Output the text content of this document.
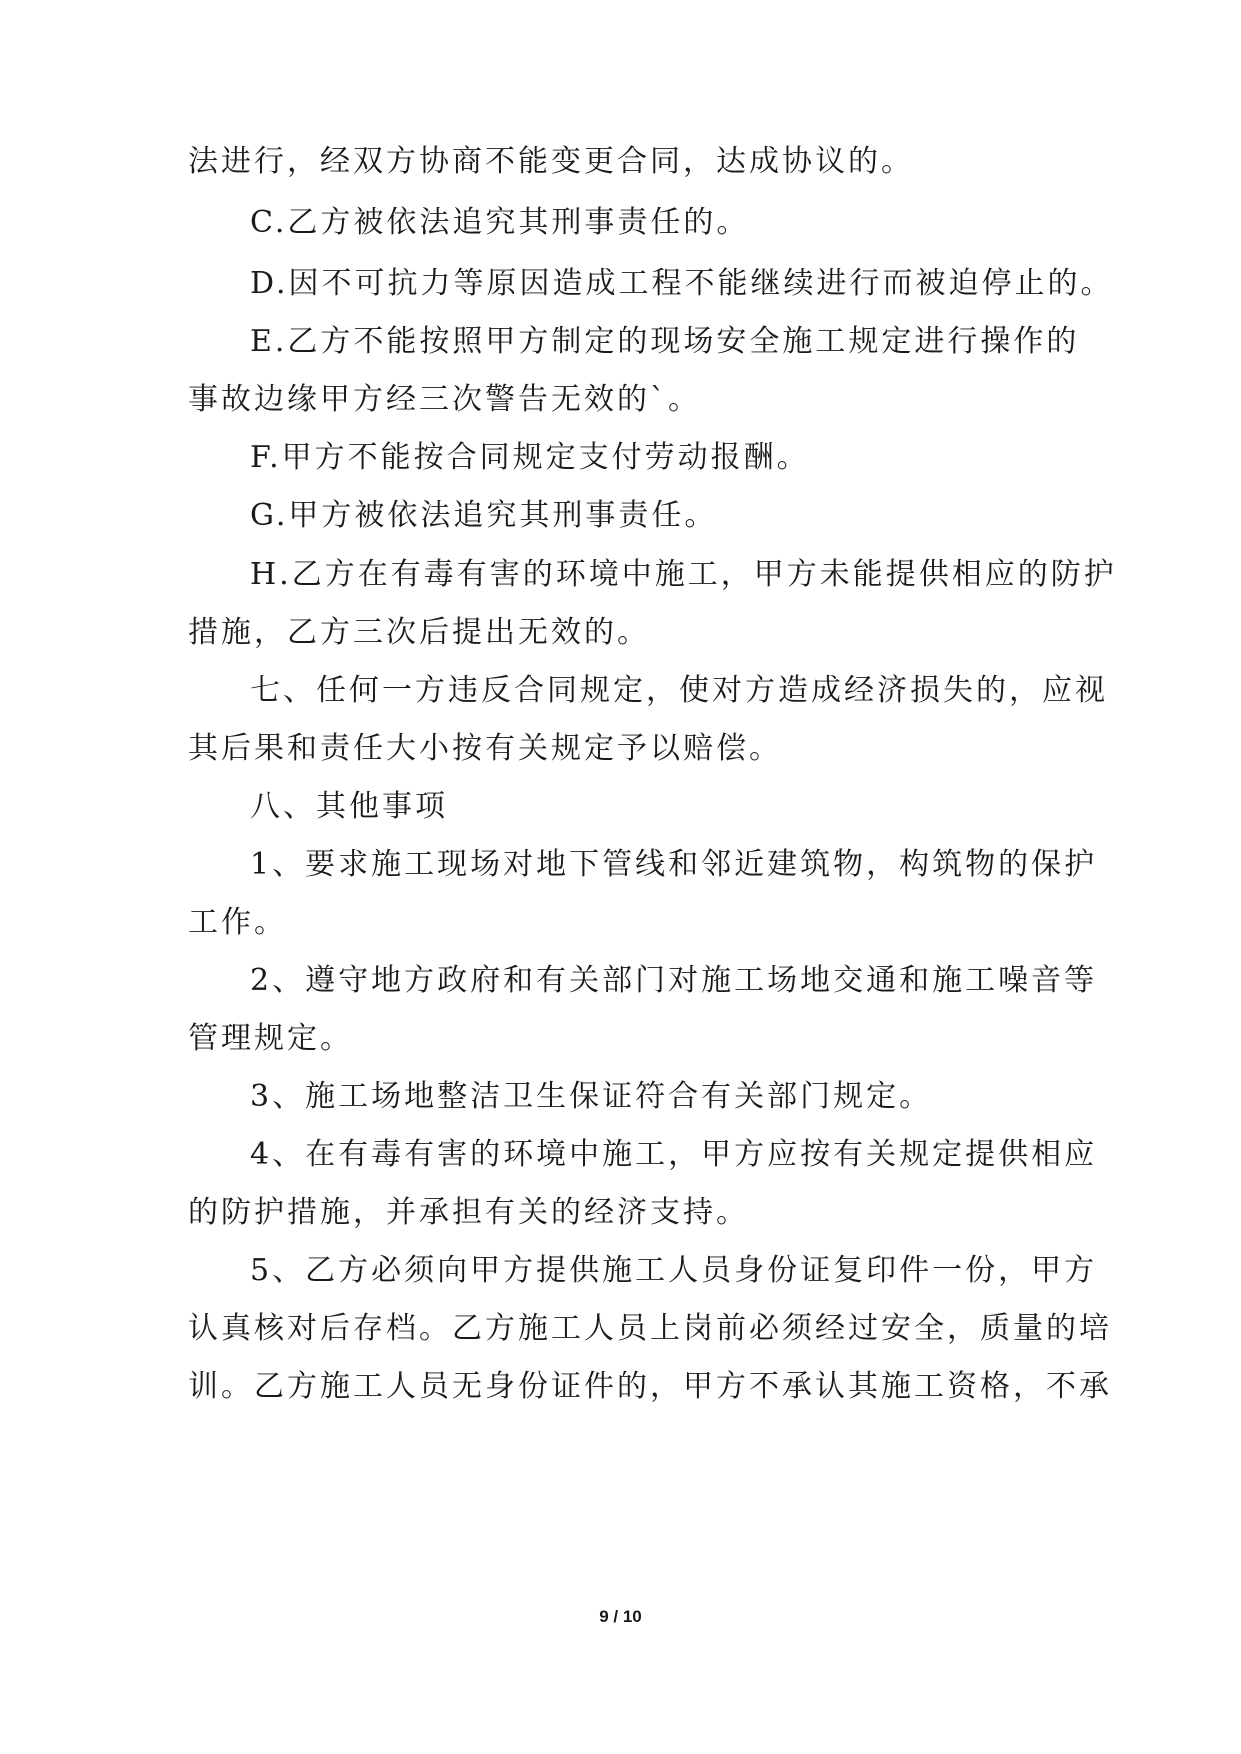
法进行，经双方协商不能变更合同，达成协议的。
C.乙方被依法追究其刑事责任的。
D.因不可抗力等原因造成工程不能继续进行而被迫停止的。
E.乙方不能按照甲方制定的现场安全施工规定进行操作的
事故边缘甲方经三次警告无效的`。
F.甲方不能按合同规定支付劳动报酬。
G.甲方被依法追究其刑事责任。
H.乙方在有毒有害的环境中施工，甲方未能提供相应的防护
措施，乙方三次后提出无效的。
七、任何一方违反合同规定，使对方造成经济损失的，应视
其后果和责任大小按有关规定予以赔偿。
八、其他事项
1、要求施工现场对地下管线和邻近建筑物，构筑物的保护
工作。
2、遵守地方政府和有关部门对施工场地交通和施工噪音等
管理规定。
3、施工场地整洁卫生保证符合有关部门规定。
4、在有毒有害的环境中施工，甲方应按有关规定提供相应
的防护措施，并承担有关的经济支持。
5、乙方必须向甲方提供施工人员身份证复印件一份，甲方
认真核对后存档。乙方施工人员上岗前必须经过安全，质量的培
训。乙方施工人员无身份证件的，甲方不承认其施工资格，不承
9 / 10
